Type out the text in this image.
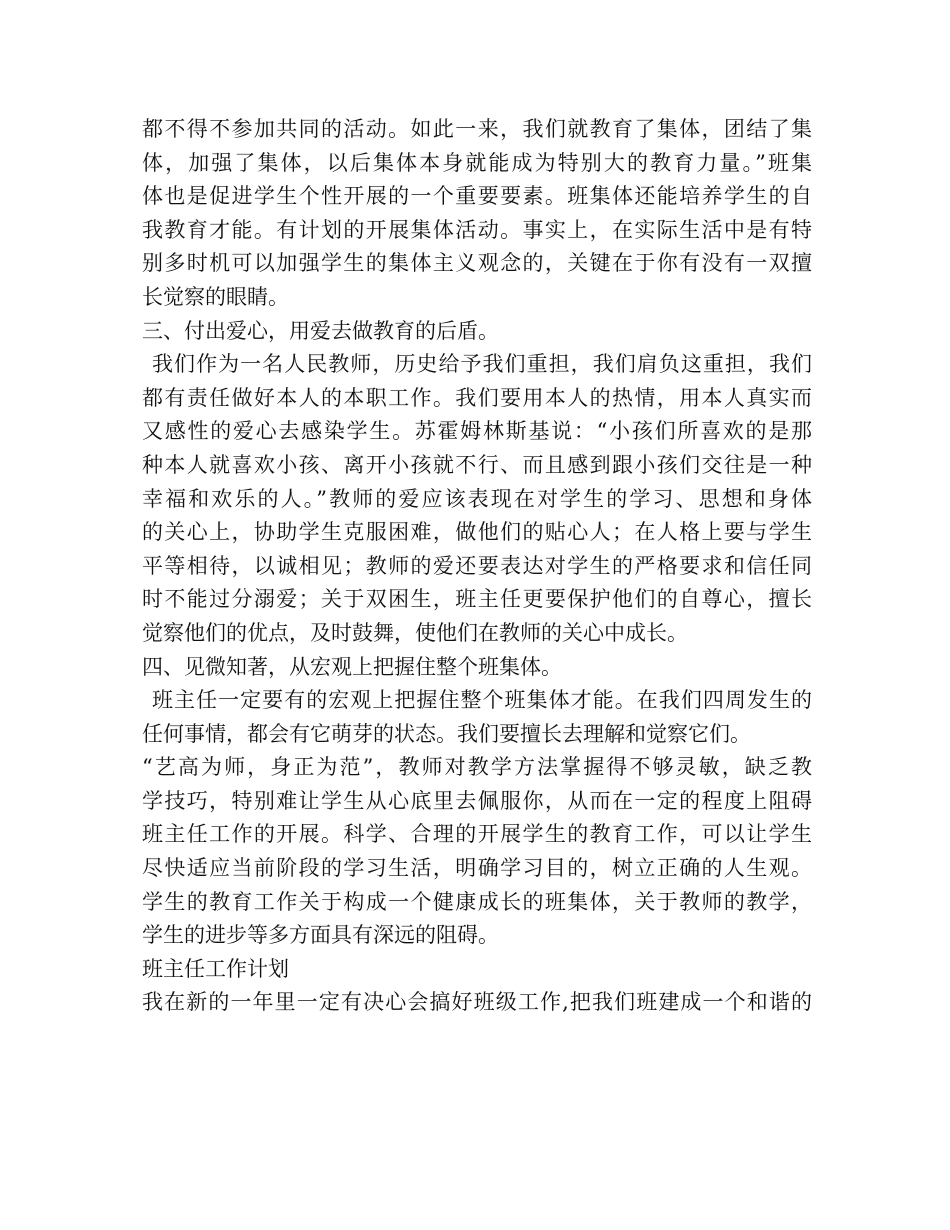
都不得不参加共同的活动。如此一来，我们就教育了集体，团结了集
体，加强了集体，以后集体本身就能成为特别大的教育力量。”班集
体也是促进学生个性开展的一个重要要素。班集体还能培养学生的自
我教育才能。有计划的开展集体活动。事实上，在实际生活中是有特
别多时机可以加强学生的集体主义观念的，关键在于你有没有一双擅
长觉察的眼睛。
三、付出爱心，用爱去做教育的后盾。
我们作为一名人民教师，历史给予我们重担，我们肩负这重担，我们
都有责任做好本人的本职工作。我们要用本人的热情，用本人真实而
又感性的爱心去感染学生。苏霍姆林斯基说：“小孩们所喜欢的是那
种本人就喜欢小孩、离开小孩就不行、而且感到跟小孩们交往是一种
幸福和欢乐的人。”教师的爱应该表现在对学生的学习、思想和身体
的关心上，协助学生克服困难，做他们的贴心人；在人格上要与学生
平等相待，以诚相见；教师的爱还要表达对学生的严格要求和信任同
时不能过分溺爱；关于双困生，班主任更要保护他们的自尊心，擅长
觉察他们的优点，及时鼓舞，使他们在教师的关心中成长。
四、见微知著，从宏观上把握住整个班集体。
班主任一定要有的宏观上把握住整个班集体才能。在我们四周发生的
任何事情，都会有它萌芽的状态。我们要擅长去理解和觉察它们。
“艺高为师，身正为范”，教师对教学方法掌握得不够灵敏，缺乏教
学技巧，特别难让学生从心底里去佩服你，从而在一定的程度上阻碍
班主任工作的开展。科学、合理的开展学生的教育工作，可以让学生
尽快适应当前阶段的学习生活，明确学习目的，树立正确的人生观。
学生的教育工作关于构成一个健康成长的班集体，关于教师的教学，
学生的进步等多方面具有深远的阻碍。
班主任工作计划
我在新的一年里一定有决心会搞好班级工作,把我们班建成一个和谐的
